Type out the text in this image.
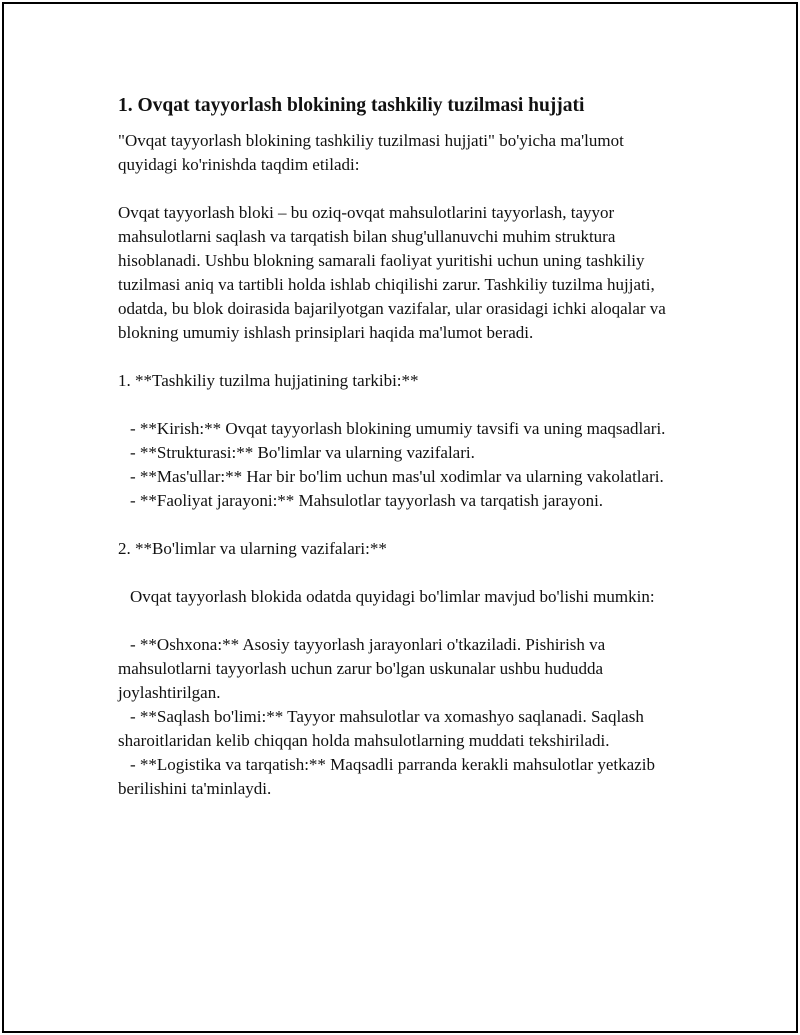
1. Ovqat tayyorlash blokining tashkiliy tuzilmasi hujjati

"Ovqat tayyorlash blokining tashkiliy tuzilmasi hujjati" bo'yicha ma'lumot quyidagi ko'rinishda taqdim etiladi:

Ovqat tayyorlash bloki – bu oziq-ovqat mahsulotlarini tayyorlash, tayyor mahsulotlarni saqlash va tarqatish bilan shug'ullanuvchi muhim struktura hisoblanadi. Ushbu blokning samarali faoliyat yuritishi uchun uning tashkiliy tuzilmasi aniq va tartibli holda ishlab chiqilishi zarur. Tashkiliy tuzilma hujjati, odatda, bu blok doirasida bajarilyotgan vazifalar, ular orasidagi ichki aloqalar va blokning umumiy ishlash prinsiplari haqida ma'lumot beradi.

1. **Tashkiliy tuzilma hujjatining tarkibi:**

- **Kirish:** Ovqat tayyorlash blokining umumiy tavsifi va uning maqsadlari.

- **Strukturasi:** Bo'limlar va ularning vazifalari.

- **Mas'ullar:** Har bir bo'lim uchun mas'ul xodimlar va ularning vakolatlari.

- **Faoliyat jarayoni:** Mahsulotlar tayyorlash va tarqatish jarayoni.

2. **Bo'limlar va ularning vazifalari:**

Ovqat tayyorlash blokida odatda quyidagi bo'limlar mavjud bo'lishi mumkin:

- **Oshxona:** Asosiy tayyorlash jarayonlari o'tkaziladi. Pishirish va mahsulotlarni tayyorlash uchun zarur bo'lgan uskunalar ushbu hududda joylashtirilgan.

- **Saqlash bo'limi:** Tayyor mahsulotlar va xomashyo saqlanadi. Saqlash sharoitlaridan kelib chiqqan holda mahsulotlarning muddati tekshiriladi.

- **Logistika va tarqatish:** Maqsadli parranda kerakli mahsulotlar yetkazib berilishini ta'minlaydi.
